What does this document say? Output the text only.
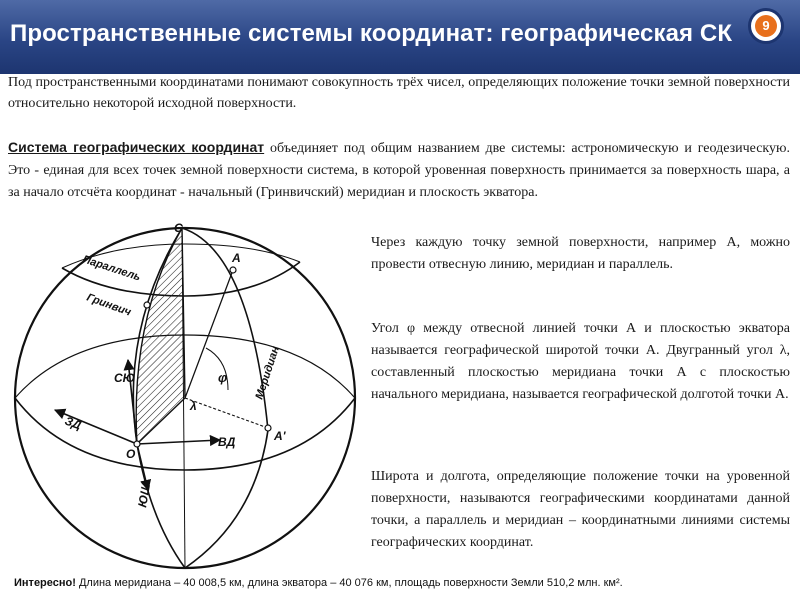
Пространственные системы координат: географическая СК	9
Под пространственными координатами понимают совокупность трёх чисел, определяющих положение точки земной поверхности относительно некоторой исходной поверхности.
Система географических координат объединяет под общим названием две системы: астрономическую и геодезическую. Это - единая для всех точек земной поверхности система, в которой уровенная поверхность принимается за поверхность шара, а за начало отсчёта координат - начальный (Гринвичский) меридиан и плоскость экватора.
С
Параллель
Гринвич
Меридиан
А
А'
СЮ
ЗД
ВД
ЮШ
О
φ
λ

Через каждую точку земной поверхности, например А, можно провести отвесную линию, меридиан и параллель.

Угол φ между отвесной линией точки А и плоскостью экватора называется географической широтой точки А. Двугранный угол λ, составленный плоскостью меридиана точки А с плоскостью начального меридиана, называется географической долготой точки А.

Широта и долгота, определяющие положение точки на уровенной поверхности, называются географическими координатами данной точки, а параллель и меридиан – координатными линиями системы географических координат.

Интересно! Длина меридиана – 40 008,5 км, длина экватора – 40 076 км, площадь поверхности Земли 510,2 млн. км².
